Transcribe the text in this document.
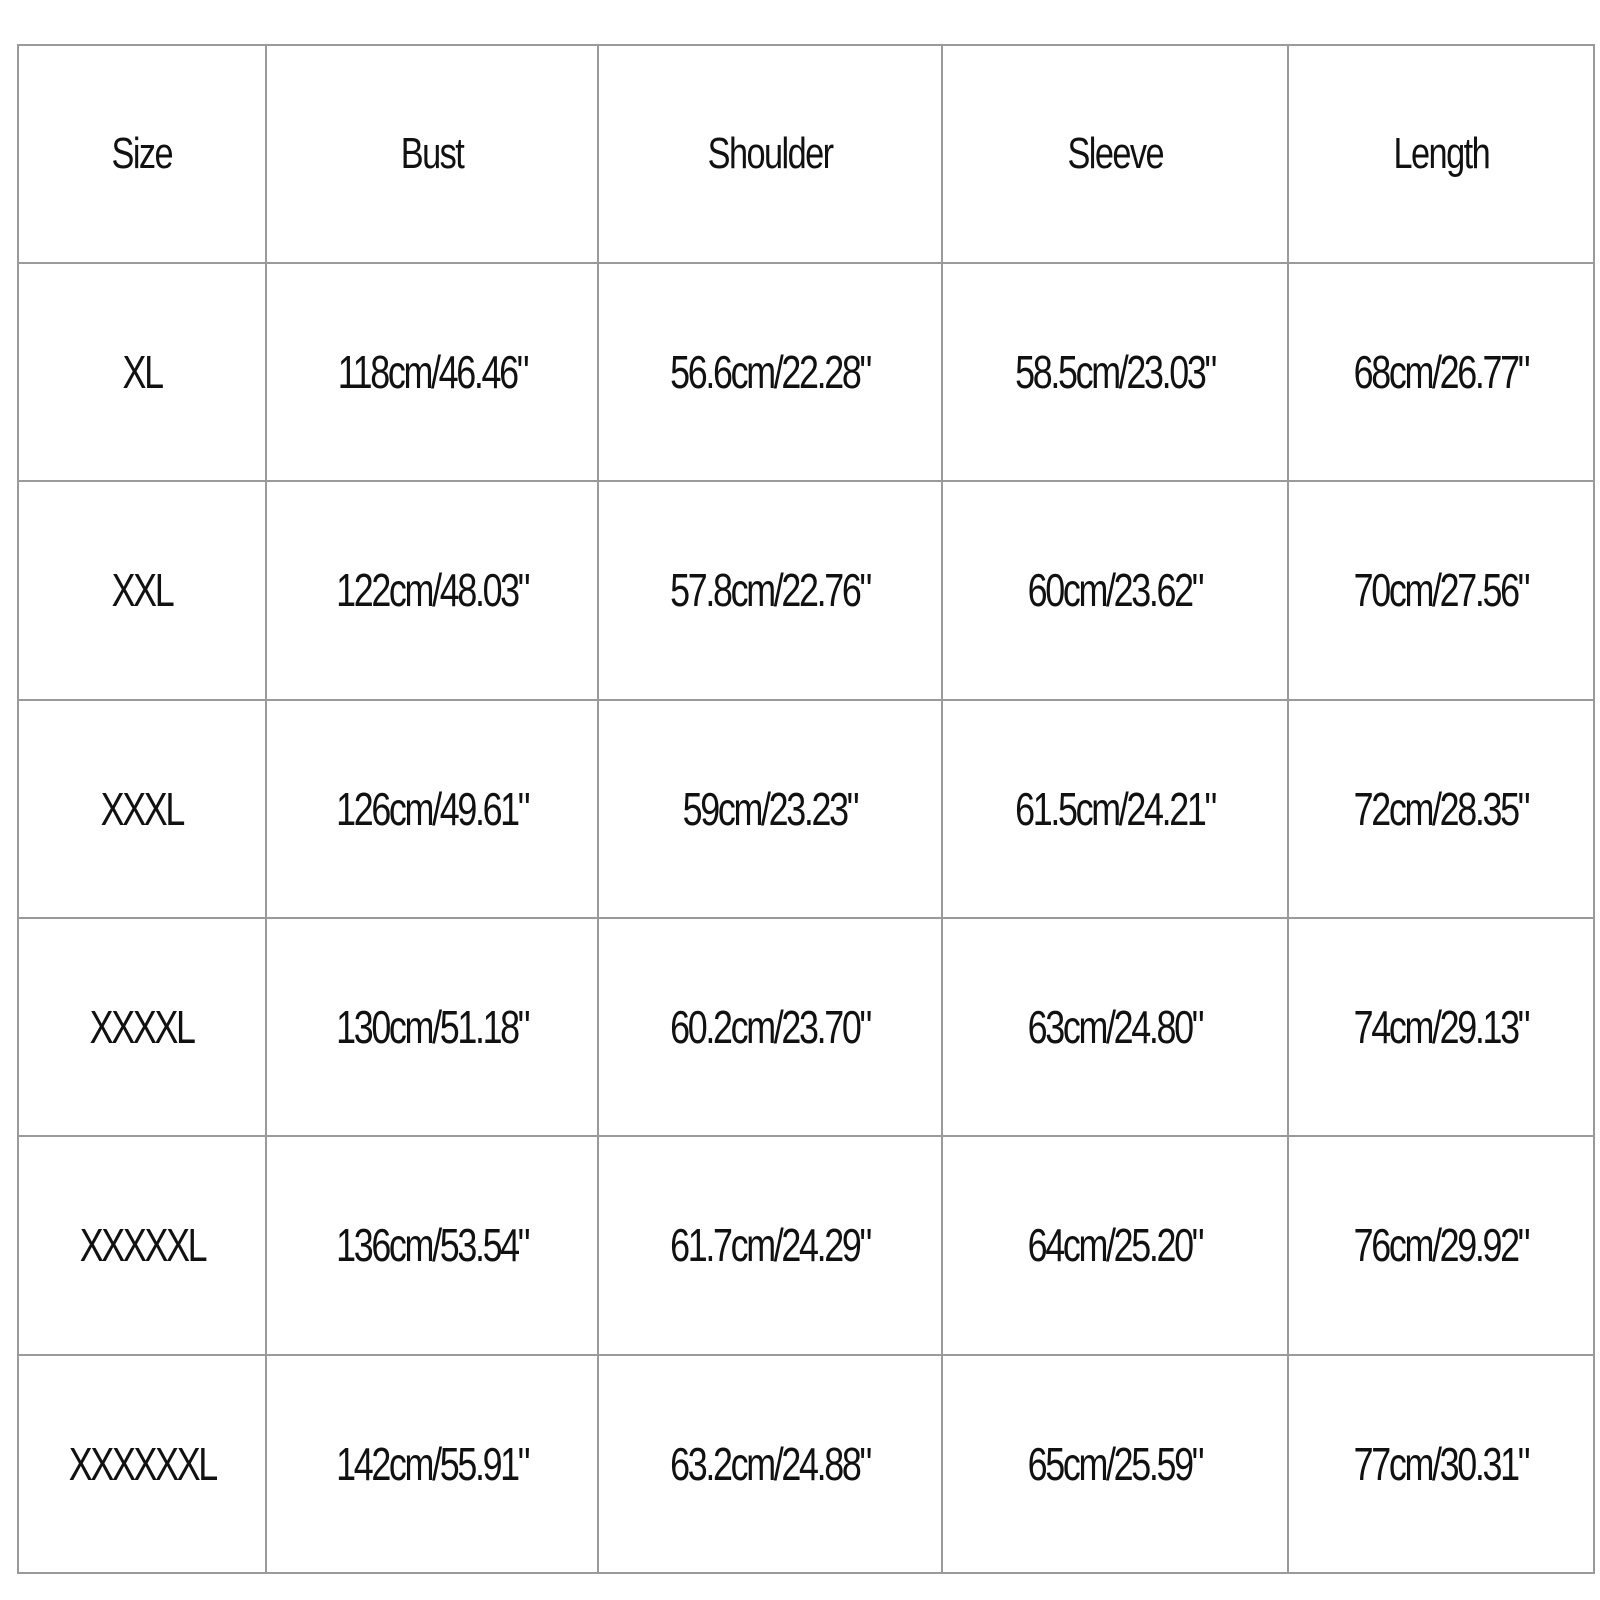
Size	Bust	Shoulder	Sleeve	Length
XL	118cm/46.46"	56.6cm/22.28"	58.5cm/23.03"	68cm/26.77"
XXL	122cm/48.03"	57.8cm/22.76"	60cm/23.62"	70cm/27.56"
XXXL	126cm/49.61"	59cm/23.23"	61.5cm/24.21"	72cm/28.35"
XXXXL	130cm/51.18"	60.2cm/23.70"	63cm/24.80"	74cm/29.13"
XXXXXL	136cm/53.54"	61.7cm/24.29"	64cm/25.20"	76cm/29.92"
XXXXXXL	142cm/55.91"	63.2cm/24.88"	65cm/25.59"	77cm/30.31"
